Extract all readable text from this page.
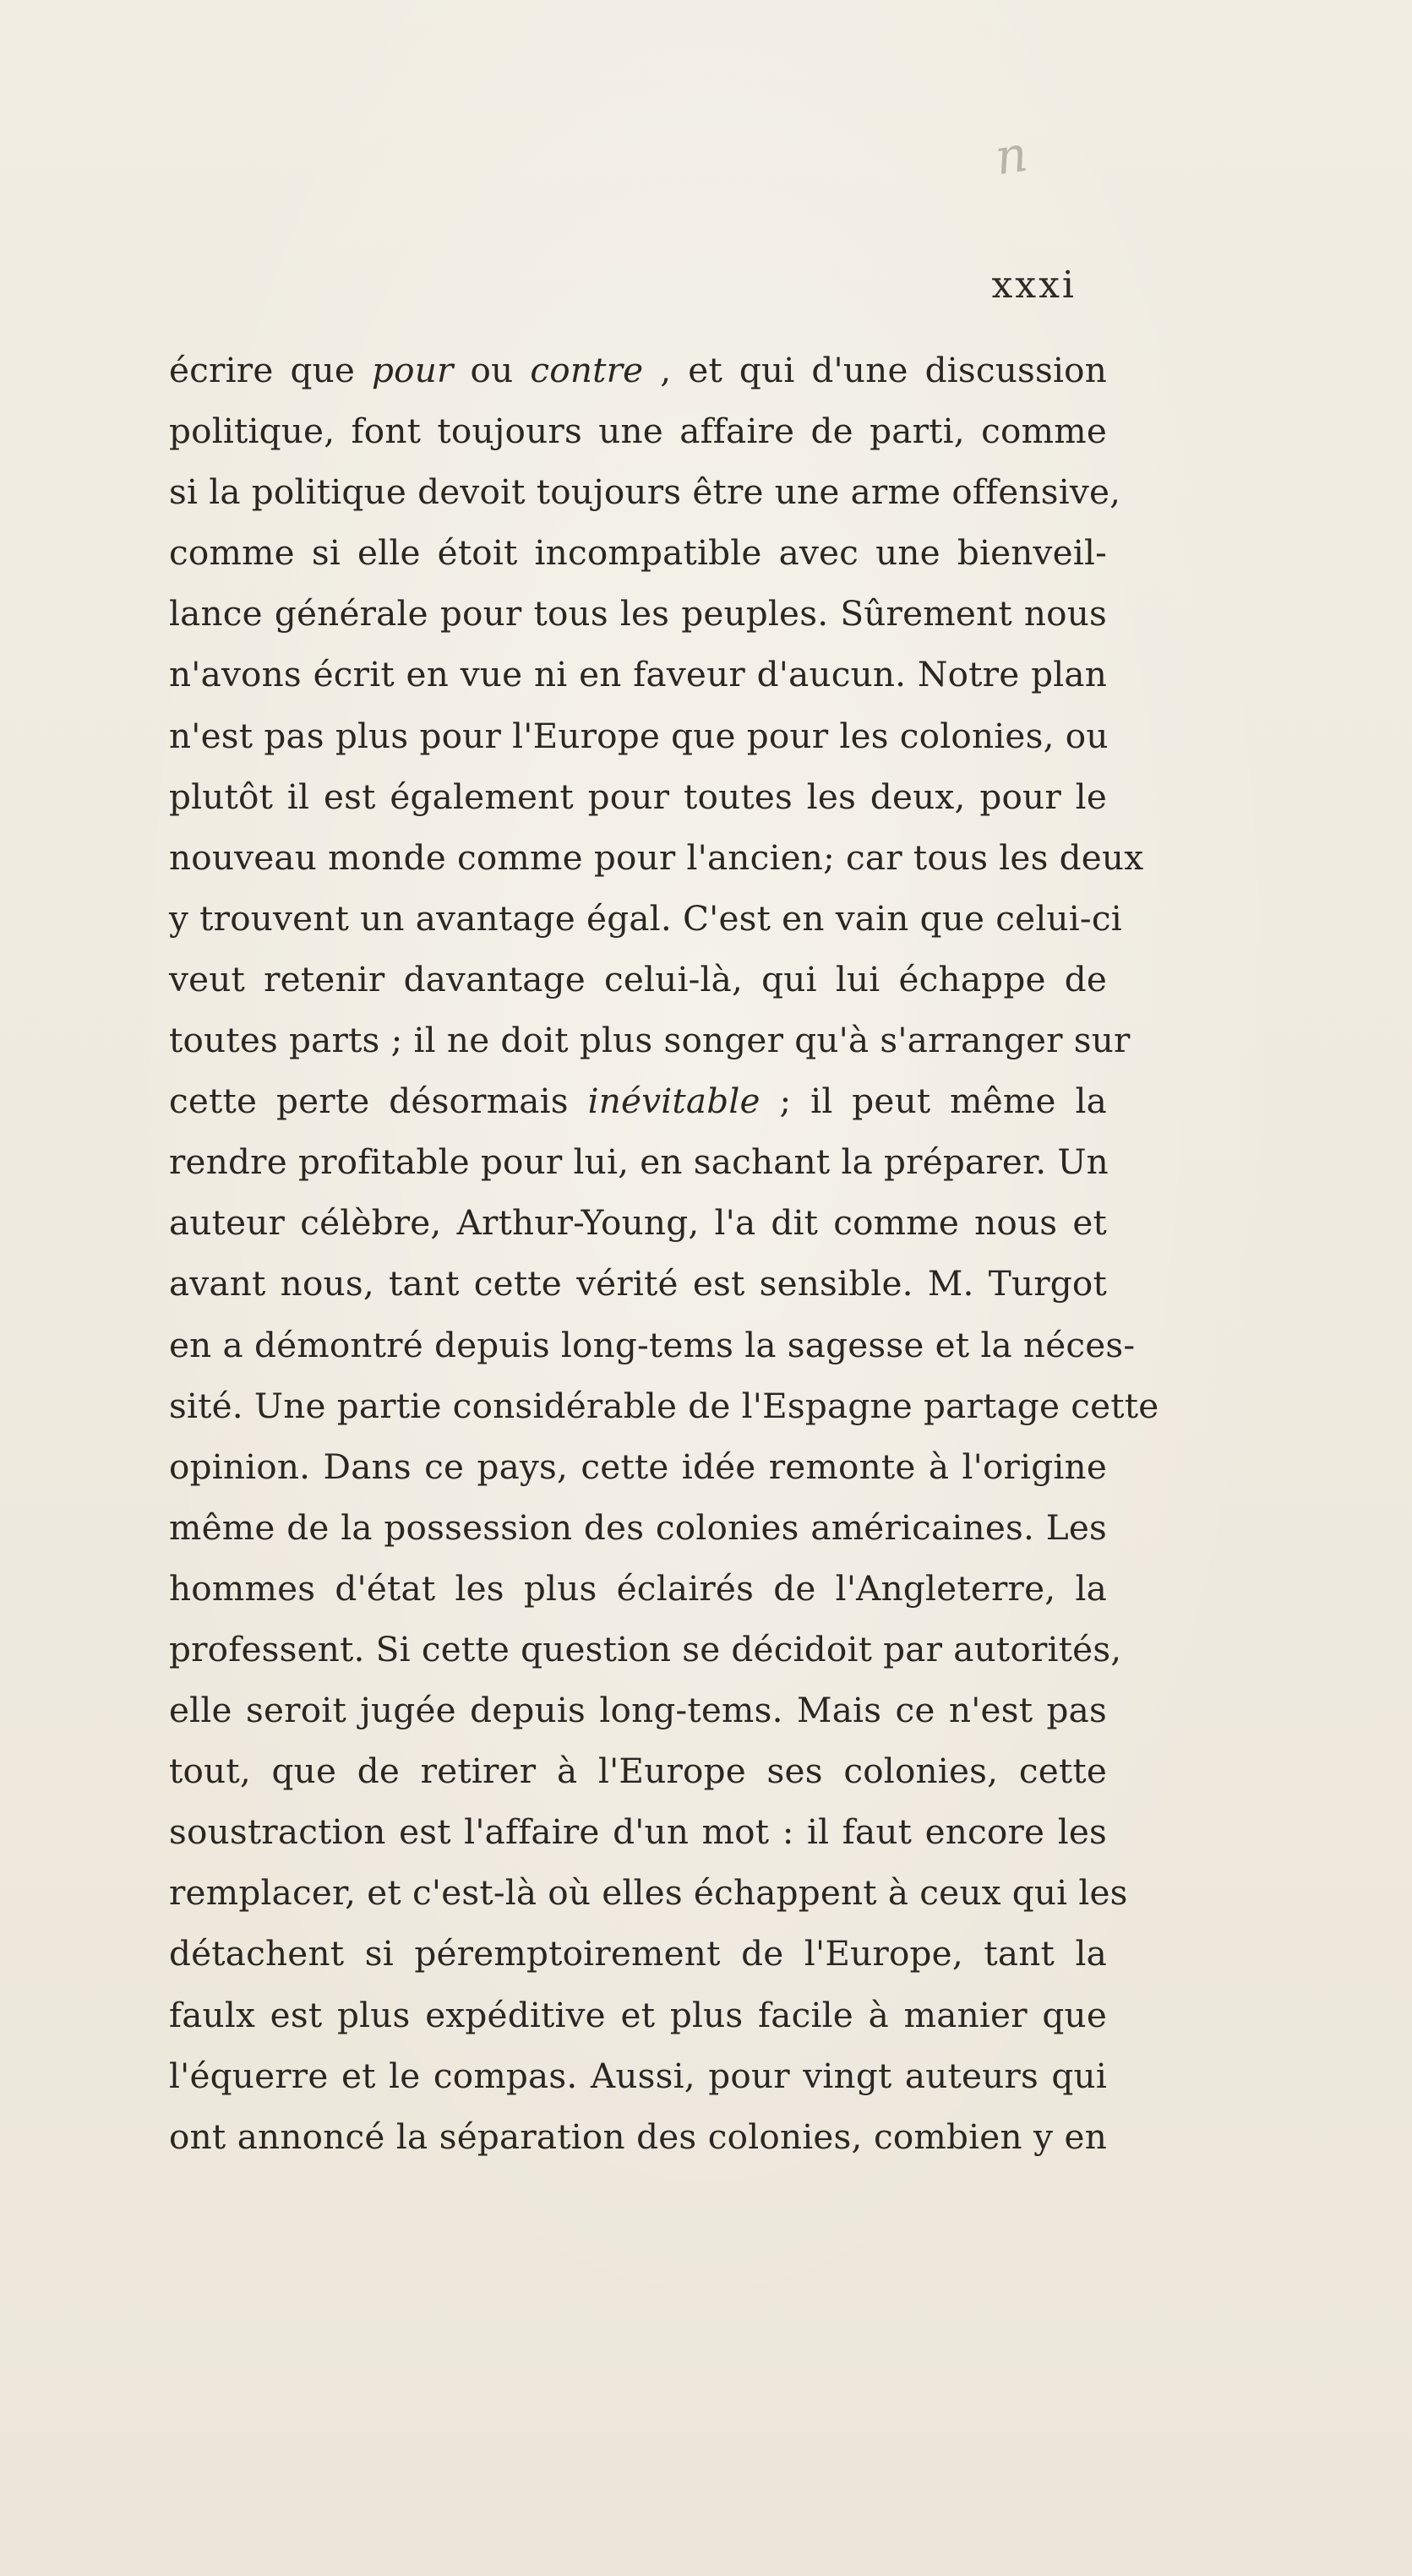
n
xxxi
écrire que pour ou contre , et qui d'une discussion
politique, font toujours une affaire de parti, comme
si la politique devoit toujours être une arme offensive,
comme si elle étoit incompatible avec une bienveil-
lance générale pour tous les peuples. Sûrement nous
n'avons écrit en vue ni en faveur d'aucun. Notre plan
n'est pas plus pour l'Europe que pour les colonies, ou
plutôt il est également pour toutes les deux, pour le
nouveau monde comme pour l'ancien; car tous les deux
y trouvent un avantage égal. C'est en vain que celui-ci
veut retenir davantage celui-là, qui lui échappe de
toutes parts ; il ne doit plus songer qu'à s'arranger sur
cette perte désormais inévitable ; il peut même la
rendre profitable pour lui, en sachant la préparer. Un
auteur célèbre, Arthur-Young, l'a dit comme nous et
avant nous, tant cette vérité est sensible. M. Turgot
en a démontré depuis long-tems la sagesse et la néces-
sité. Une partie considérable de l'Espagne partage cette
opinion. Dans ce pays, cette idée remonte à l'origine
même de la possession des colonies américaines. Les
hommes d'état les plus éclairés de l'Angleterre, la
professent. Si cette question se décidoit par autorités,
elle seroit jugée depuis long-tems. Mais ce n'est pas
tout, que de retirer à l'Europe ses colonies, cette
soustraction est l'affaire d'un mot : il faut encore les
remplacer, et c'est-là où elles échappent à ceux qui les
détachent si péremptoirement de l'Europe, tant la
faulx est plus expéditive et plus facile à manier que
l'équerre et le compas. Aussi, pour vingt auteurs qui
ont annoncé la séparation des colonies, combien y en
